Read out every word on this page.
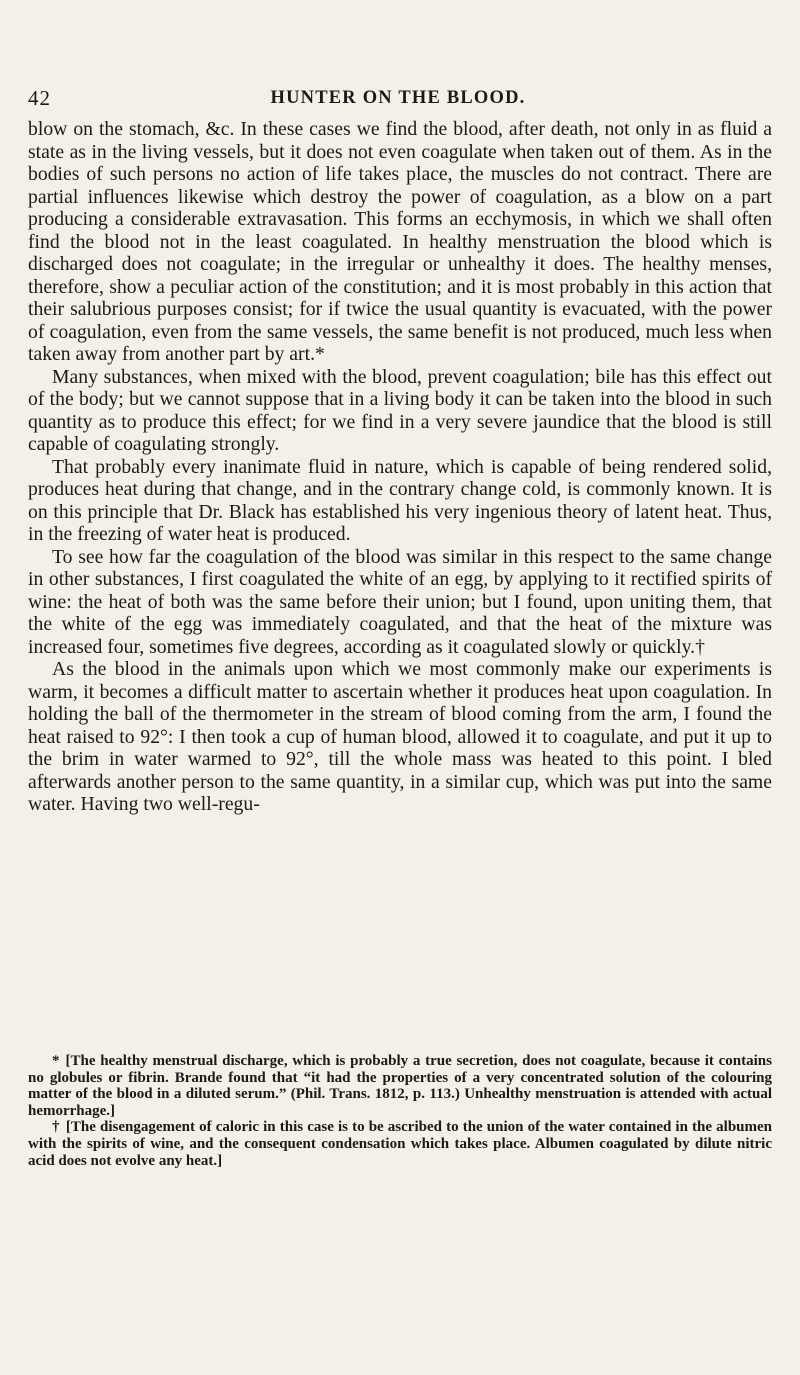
42	HUNTER ON THE BLOOD.

blow on the stomach, &c. In these cases we find the blood, after death, not only in as fluid a state as in the living vessels, but it does not even coagulate when taken out of them. As in the bodies of such persons no action of life takes place, the muscles do not contract. There are partial influences likewise which destroy the power of coagulation, as a blow on a part producing a considerable extravasation. This forms an ecchymosis, in which we shall often find the blood not in the least coagulated. In healthy menstruation the blood which is discharged does not coagulate; in the irregular or unhealthy it does. The healthy menses, therefore, show a peculiar action of the constitution; and it is most probably in this action that their salubrious purposes consist; for if twice the usual quantity is evacuated, with the power of coagulation, even from the same vessels, the same benefit is not produced, much less when taken away from another part by art.*

Many substances, when mixed with the blood, prevent coagulation; bile has this effect out of the body; but we cannot suppose that in a living body it can be taken into the blood in such quantity as to produce this effect; for we find in a very severe jaundice that the blood is still capable of coagulating strongly.

That probably every inanimate fluid in nature, which is capable of being rendered solid, produces heat during that change, and in the contrary change cold, is commonly known. It is on this principle that Dr. Black has established his very ingenious theory of latent heat. Thus, in the freezing of water heat is produced.

To see how far the coagulation of the blood was similar in this respect to the same change in other substances, I first coagulated the white of an egg, by applying to it rectified spirits of wine: the heat of both was the same before their union; but I found, upon uniting them, that the white of the egg was immediately coagulated, and that the heat of the mixture was increased four, sometimes five degrees, according as it coagulated slowly or quickly.†

As the blood in the animals upon which we most commonly make our experiments is warm, it becomes a difficult matter to ascertain whether it produces heat upon coagulation. In holding the ball of the thermometer in the stream of blood coming from the arm, I found the heat raised to 92°: I then took a cup of human blood, allowed it to coagulate, and put it up to the brim in water warmed to 92°, till the whole mass was heated to this point. I bled afterwards another person to the same quantity, in a similar cup, which was put into the same water. Having two well-regu-

* [The healthy menstrual discharge, which is probably a true secretion, does not coagulate, because it contains no globules or fibrin. Brande found that “it had the properties of a very concentrated solution of the colouring matter of the blood in a diluted serum.” (Phil. Trans. 1812, p. 113.) Unhealthy menstruation is attended with actual hemorrhage.]

† [The disengagement of caloric in this case is to be ascribed to the union of the water contained in the albumen with the spirits of wine, and the consequent condensation which takes place. Albumen coagulated by dilute nitric acid does not evolve any heat.]
